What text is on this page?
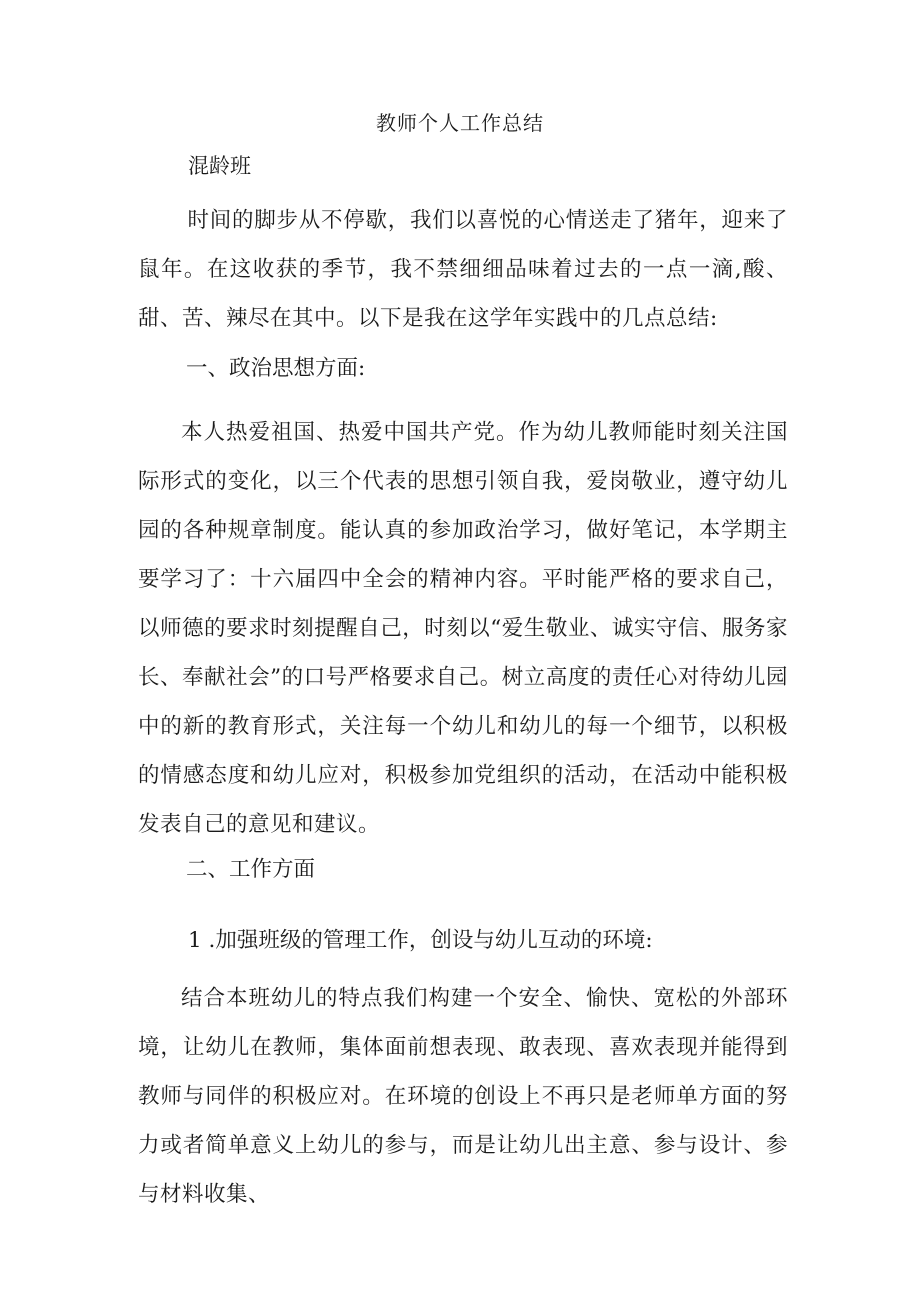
教师个人工作总结
混龄班

时间的脚步从不停歇，我们以喜悦的心情送走了猪年，迎来了鼠年。在这收获的季节，我不禁细细品味着过去的一点一滴,酸、甜、苦、辣尽在其中。以下是我在这学年实践中的几点总结:

一、政治思想方面:

本人热爱祖国、热爱中国共产党。作为幼儿教师能时刻关注国际形式的变化，以三个代表的思想引领自我，爱岗敬业，遵守幼儿园的各种规章制度。能认真的参加政治学习，做好笔记，本学期主要学习了：十六届四中全会的精神内容。平时能严格的要求自己，以师德的要求时刻提醒自己，时刻以“爱生敬业、诚实守信、服务家长、奉献社会”的口号严格要求自己。树立高度的责任心对待幼儿园中的新的教育形式，关注每一个幼儿和幼儿的每一个细节，以积极的情感态度和幼儿应对，积极参加党组织的活动，在活动中能积极发表自己的意见和建议。

二、工作方面

1 .加强班级的管理工作，创设与幼儿互动的环境:

结合本班幼儿的特点我们构建一个安全、愉快、宽松的外部环境，让幼儿在教师，集体面前想表现、敢表现、喜欢表现并能得到教师与同伴的积极应对。在环境的创设上不再只是老师单方面的努力或者简单意义上幼儿的参与，而是让幼儿出主意、参与设计、参与材料收集、
